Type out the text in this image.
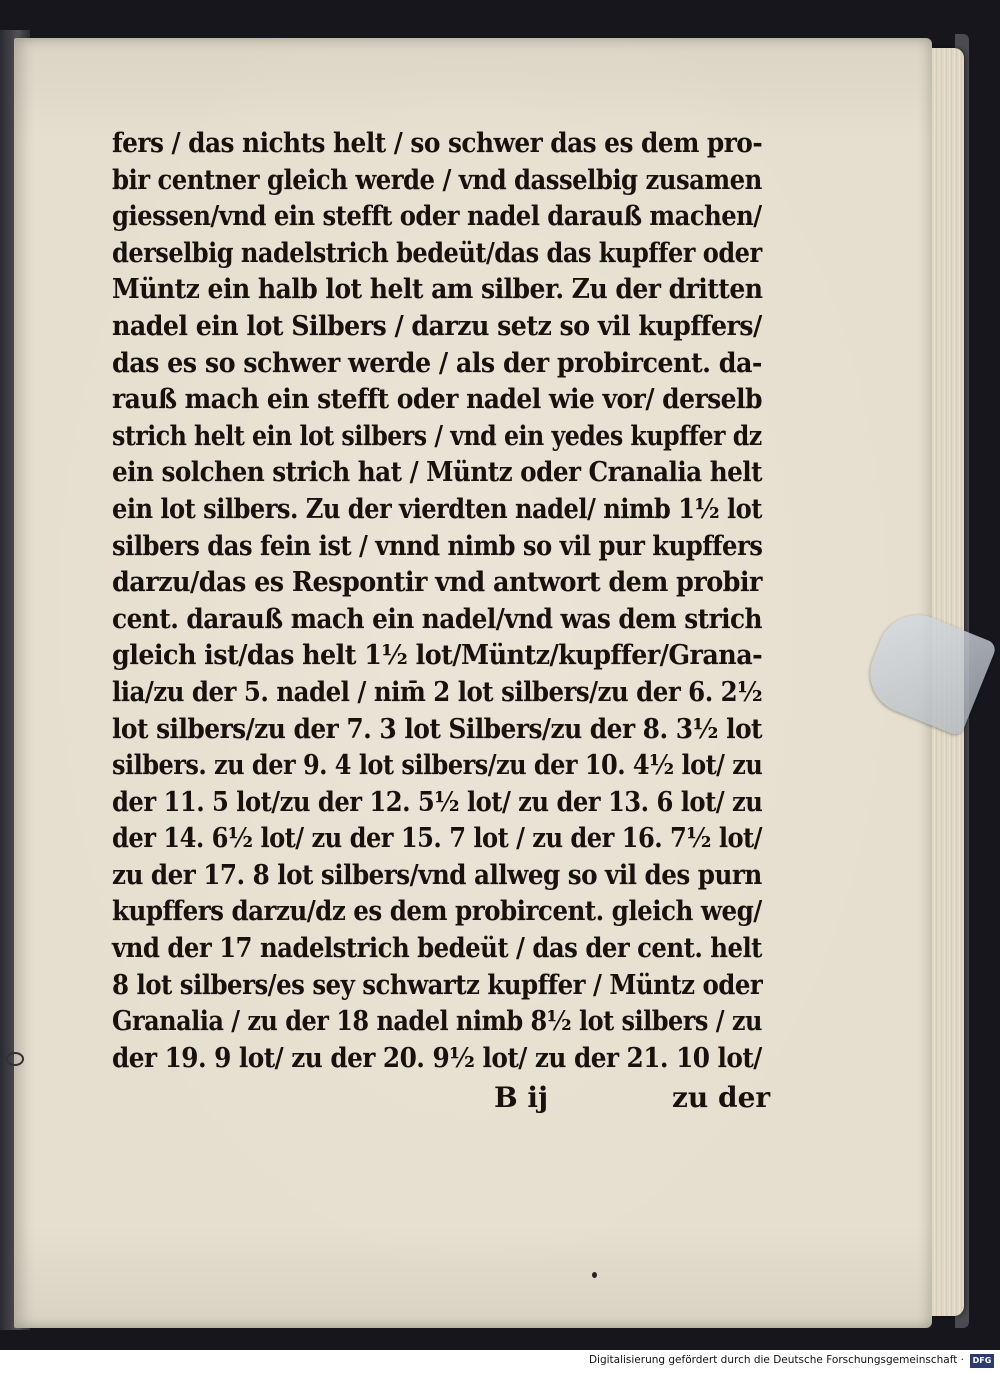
fers / das nichts helt / so schwer das es dem pro-
bir centner gleich werde / vnd dasselbig zusamen
giessen/vnd ein stefft oder nadel darauß machen/
derselbig nadelstrich bedeüt/das das kupffer oder
Müntz ein halb lot helt am silber. Zu der dritten
nadel ein lot Silbers / darzu setz so vil kupffers/
das es so schwer werde / als der probircent. da-
rauß mach ein stefft oder nadel wie vor/ derselb
strich helt ein lot silbers / vnd ein yedes kupffer dz
ein solchen strich hat / Müntz oder Cranalia helt
ein lot silbers. Zu der vierdten nadel/ nimb 1½ lot
silbers das fein ist / vnnd nimb so vil pur kupffers
darzu/das es Respontir vnd antwort dem probir
cent. darauß mach ein nadel/vnd was dem strich
gleich ist/das helt 1½ lot/Müntz/kupffer/Grana-
lia/zu der 5. nadel / nim̄ 2 lot silbers/zu der 6. 2½
lot silbers/zu der 7. 3 lot Silbers/zu der 8. 3½ lot
silbers. zu der 9. 4 lot silbers/zu der 10. 4½ lot/ zu
der 11. 5 lot/zu der 12. 5½ lot/ zu der 13. 6 lot/ zu
der 14. 6½ lot/ zu der 15. 7 lot / zu der 16. 7½ lot/
zu der 17. 8 lot silbers/vnd allweg so vil des purn
kupffers darzu/dz es dem probircent. gleich weg/
vnd der 17 nadelstrich bedeüt / das der cent. helt
8 lot silbers/es sey schwartz kupffer / Müntz oder
Granalia / zu der 18 nadel nimb 8½ lot silbers / zu
der 19. 9 lot/ zu der 20. 9½ lot/ zu der 21. 10 lot/
B ij	zu der
Digitalisierung gefördert durch die Deutsche Forschungsgemeinschaft ·	DFG
